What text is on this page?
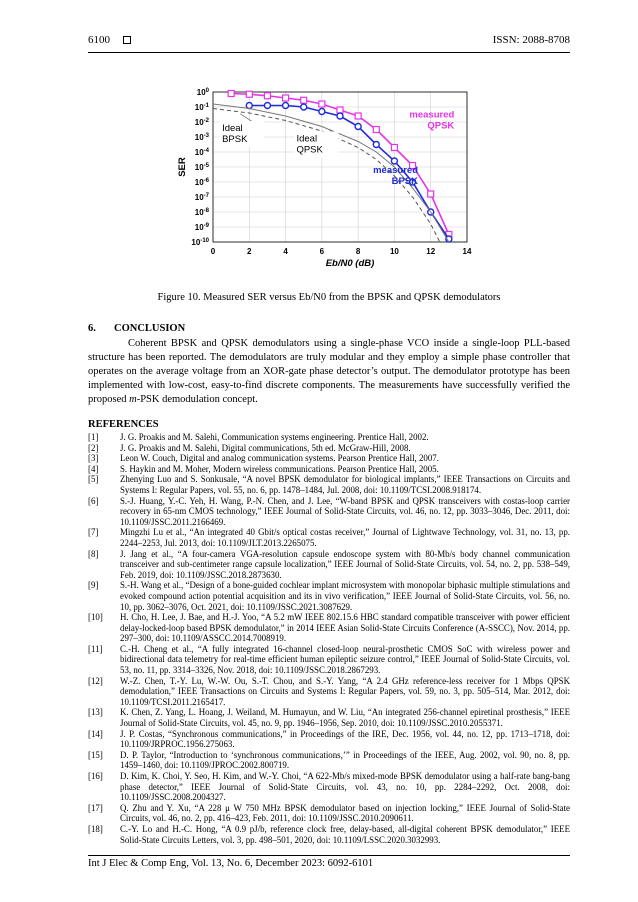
6100	ISSN: 2088-8708
$10^0$
$10^{-1}$
$10^{-2}$
$10^{-3}$
$10^{-4}$
$10^{-5}$
$10^{-6}$
$10^{-7}$
$10^{-8}$
$10^{-9}$
$10^{-10}$
0	2	4	6	8	10	12	14
Eb/N0 (dB)
SER
Ideal
BPSK	Ideal
QPSK
measured
BPSK
measured
QPSK
Figure 10. Measured SER versus Eb/N0 from the BPSK and QPSK demodulators
6. CONCLUSION
Coherent BPSK and QPSK demodulators using a single-phase VCO inside a single-loop PLL-based structure has been reported. The demodulators are truly modular and they employ a simple phase controller that operates on the average voltage from an XOR-gate phase detector’s output. The demodulator prototype has been implemented with low-cost, easy-to-find discrete components. The measurements have successfully verified the proposed m-PSK demodulation concept.
REFERENCES
[1] J. G. Proakis and M. Salehi, Communication systems engineering. Prentice Hall, 2002.
[2] J. G. Proakis and M. Salehi, Digital communications, 5th ed. McGraw-Hill, 2008.
[3] Leon W. Couch, Digital and analog communication systems. Pearson Prentice Hall, 2007.
[4] S. Haykin and M. Moher, Modern wireless communications. Pearson Prentice Hall, 2005.
[5] Zhenying Luo and S. Sonkusale, “A novel BPSK demodulator for biological implants,” IEEE Transactions on Circuits and Systems I: Regular Papers, vol. 55, no. 6, pp. 1478–1484, Jul. 2008, doi: 10.1109/TCSI.2008.918174.
[6] S.-J. Huang, Y.-C. Yeh, H. Wang, P.-N. Chen, and J. Lee, “W-band BPSK and QPSK transceivers with costas-loop carrier recovery in 65-nm CMOS technology,” IEEE Journal of Solid-State Circuits, vol. 46, no. 12, pp. 3033–3046, Dec. 2011, doi: 10.1109/JSSC.2011.2166469.
[7] Mingzhi Lu et al., “An integrated 40 Gbit/s optical costas receiver,” Journal of Lightwave Technology, vol. 31, no. 13, pp. 2244–2253, Jul. 2013, doi: 10.1109/JLT.2013.2265075.
[8] J. Jang et al., “A four-camera VGA-resolution capsule endoscope system with 80-Mb/s body channel communication transceiver and sub-centimeter range capsule localization,” IEEE Journal of Solid-State Circuits, vol. 54, no. 2, pp. 538–549, Feb. 2019, doi: 10.1109/JSSC.2018.2873630.
[9] S.-H. Wang et al., “Design of a bone-guided cochlear implant microsystem with monopolar biphasic multiple stimulations and evoked compound action potential acquisition and its in vivo verification,” IEEE Journal of Solid-State Circuits, vol. 56, no. 10, pp. 3062–3076, Oct. 2021, doi: 10.1109/JSSC.2021.3087629.
[10] H. Cho, H. Lee, J. Bae, and H.-J. Yoo, “A 5.2 mW IEEE 802.15.6 HBC standard compatible transceiver with power efficient delay-locked-loop based BPSK demodulator,” in 2014 IEEE Asian Solid-State Circuits Conference (A-SSCC), Nov. 2014, pp. 297–300, doi: 10.1109/ASSCC.2014.7008919.
[11] C.-H. Cheng et al., “A fully integrated 16-channel closed-loop neural-prosthetic CMOS SoC with wireless power and bidirectional data telemetry for real-time efficient human epileptic seizure control,” IEEE Journal of Solid-State Circuits, vol. 53, no. 11, pp. 3314–3326, Nov. 2018, doi: 10.1109/JSSC.2018.2867293.
[12] W.-Z. Chen, T.-Y. Lu, W.-W. Ou, S.-T. Chou, and S.-Y. Yang, “A 2.4 GHz reference-less receiver for 1 Mbps QPSK demodulation,” IEEE Transactions on Circuits and Systems I: Regular Papers, vol. 59, no. 3, pp. 505–514, Mar. 2012, doi: 10.1109/TCSI.2011.2165417.
[13] K. Chen, Z. Yang, L. Hoang, J. Weiland, M. Humayun, and W. Liu, “An integrated 256-channel epiretinal prosthesis,” IEEE Journal of Solid-State Circuits, vol. 45, no. 9, pp. 1946–1956, Sep. 2010, doi: 10.1109/JSSC.2010.2055371.
[14] J. P. Costas, “Synchronous communications,” in Proceedings of the IRE, Dec. 1956, vol. 44, no. 12, pp. 1713–1718, doi: 10.1109/JRPROC.1956.275063.
[15] D. P. Taylor, “Introduction to ‘synchronous communications,’” in Proceedings of the IEEE, Aug. 2002, vol. 90, no. 8, pp. 1459–1460, doi: 10.1109/JPROC.2002.800719.
[16] D. Kim, K. Choi, Y. Seo, H. Kim, and W.-Y. Choi, “A 622-Mb/s mixed-mode BPSK demodulator using a half-rate bang-bang phase detector,” IEEE Journal of Solid-State Circuits, vol. 43, no. 10, pp. 2284–2292, Oct. 2008, doi: 10.1109/JSSC.2008.2004327.
[17] Q. Zhu and Y. Xu, “A 228 μ W 750 MHz BPSK demodulator based on injection locking,” IEEE Journal of Solid-State Circuits, vol. 46, no. 2, pp. 416–423, Feb. 2011, doi: 10.1109/JSSC.2010.2090611.
[18] C.-Y. Lo and H.-C. Hong, “A 0.9 pJ/b, reference clock free, delay-based, all-digital coherent BPSK demodulator,” IEEE Solid-State Circuits Letters, vol. 3, pp. 498–501, 2020, doi: 10.1109/LSSC.2020.3032993.
Int J Elec & Comp Eng, Vol. 13, No. 6, December 2023: 6092-6101
